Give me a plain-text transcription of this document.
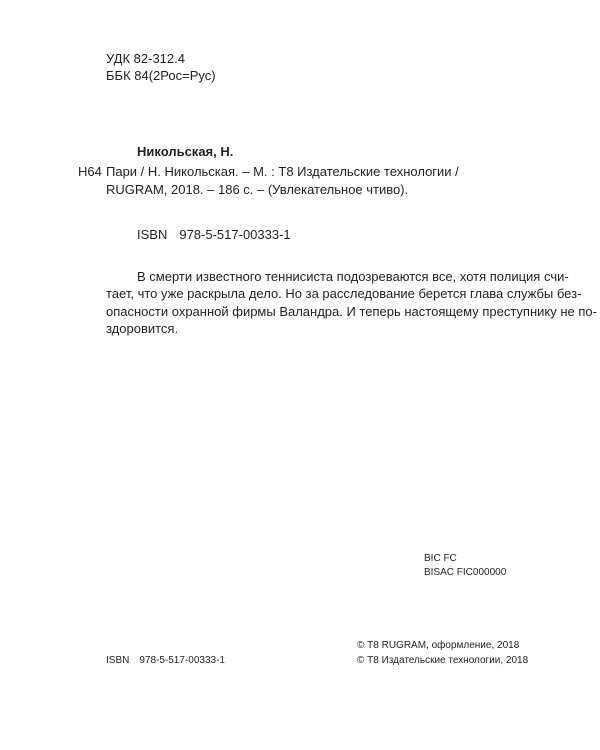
УДК 82-312.4
ББК 84(2Рос=Рус)
Никольская, Н.
Н64 Пари / Н. Никольская. – М. : Т8 Издательские технологии /
RUGRAM, 2018. – 186 с. – (Увлекательное чтиво).
ISBN 978-5-517-00333-1
В смерти известного теннисиста подозреваются все, хотя полиция счи-
тает, что уже раскрыла дело. Но за расследование берется глава службы без-
опасности охранной фирмы Валандра. И теперь настоящему преступнику не по-
здоровится.
BIC FC
BISAC FIC000000
© Т8 RUGRAM, оформление, 2018
ISBN 978-5-517-00333-1	© Т8 Издательские технологии, 2018
